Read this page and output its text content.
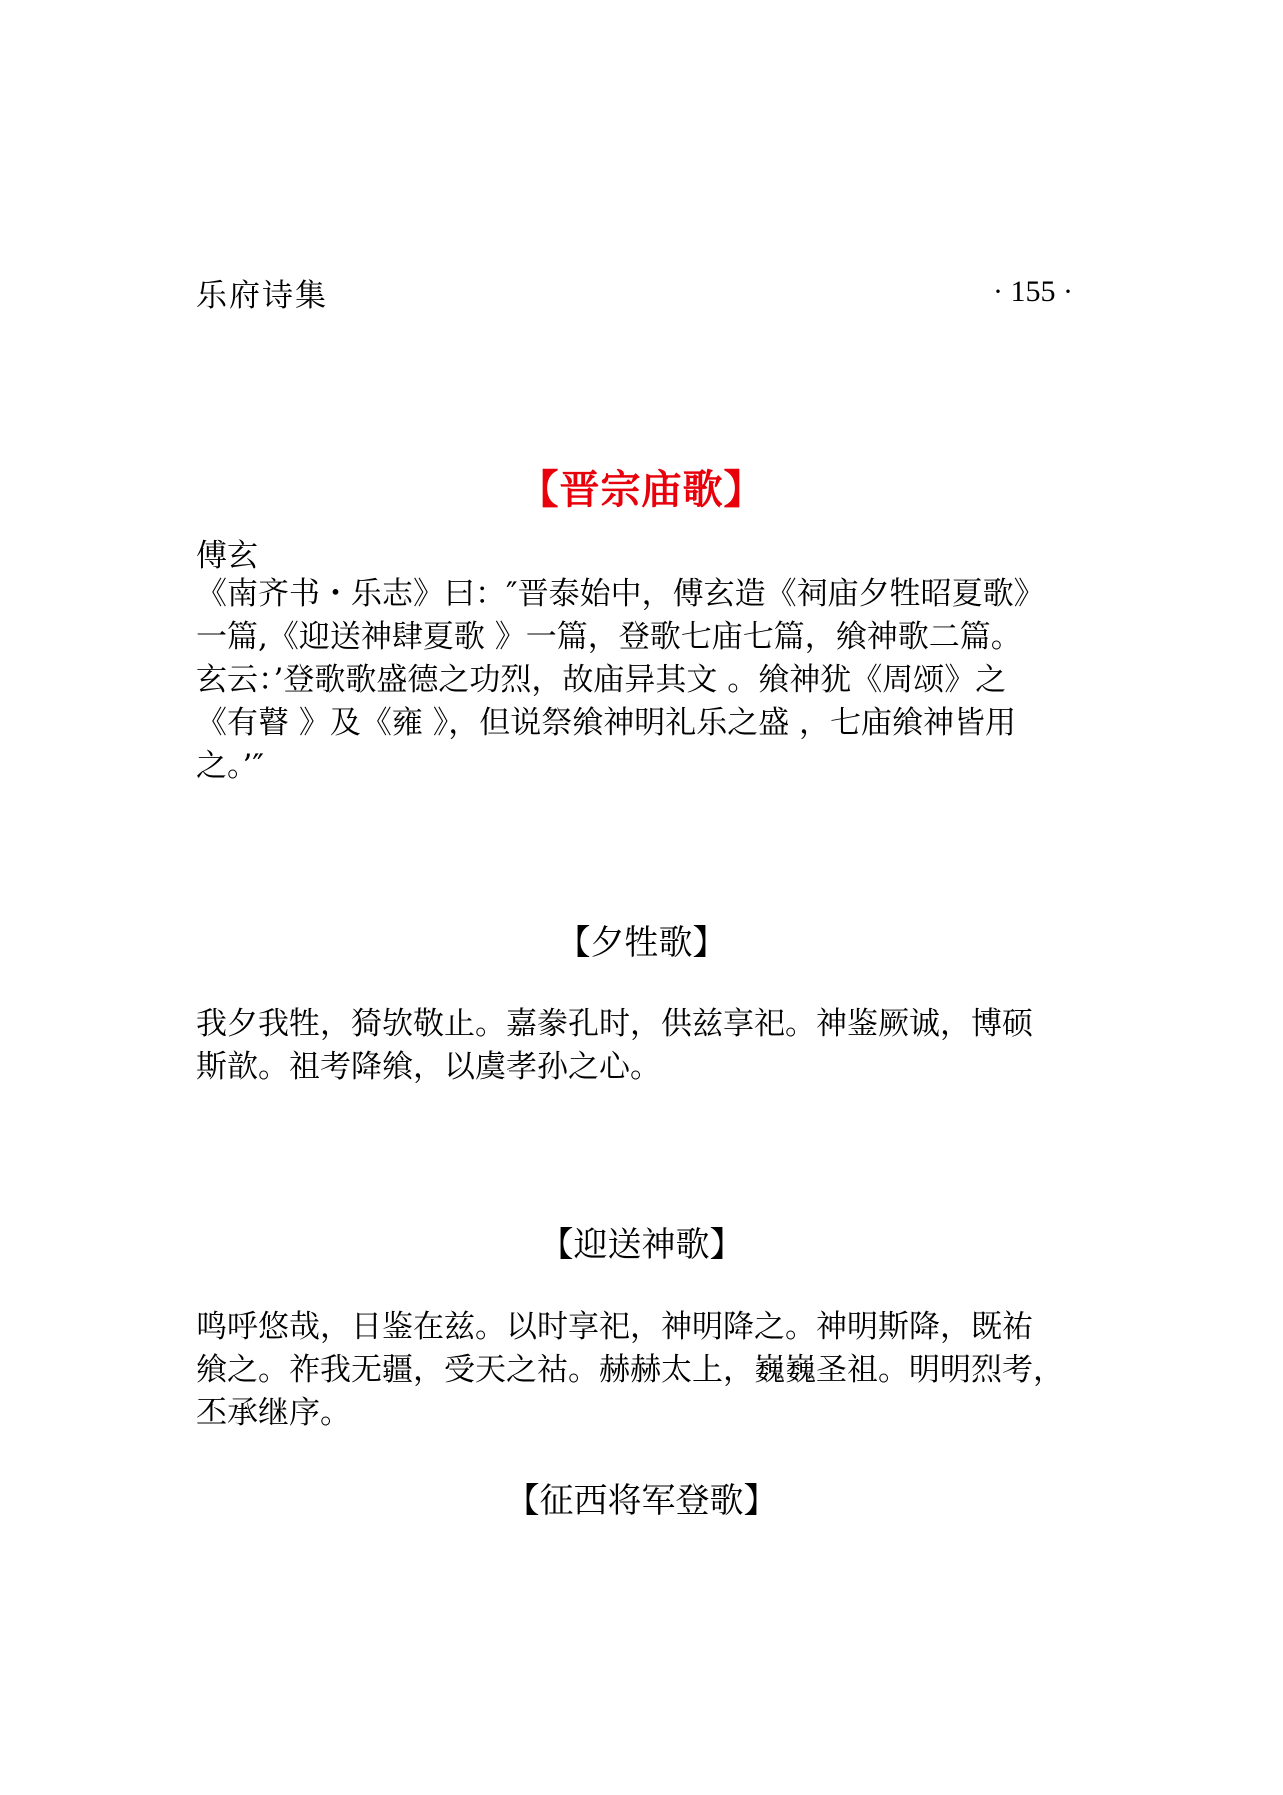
乐府诗集	· 155 ·
【晋宗庙歌】
傅玄
《南齐书・乐志》曰：″晋泰始中，傅玄造《祠庙夕牲昭夏歌》
一篇,《迎送神肆夏歌 》一篇，登歌七庙七篇，飨神歌二篇。
玄云：’登歌歌盛德之功烈，故庙异其文 。飨神犹《周颂》之
《有瞽 》及《雍 》，但说祭飨神明礼乐之盛 ，七庙飨神皆用
之。’″
【夕牲歌】
我夕我牲，猗欤敬止。嘉豢孔时，供兹享祀。神鉴厥诚，博硕
斯歆。祖考降飨，以虞孝孙之心。
【迎送神歌】
鸣呼悠哉，日鉴在兹。以时享祀，神明降之。神明斯降，既祐
飨之。祚我无疆，受天之祜。赫赫太上，巍巍圣祖。明明烈考，
丕承继序。
【征西将军登歌】
